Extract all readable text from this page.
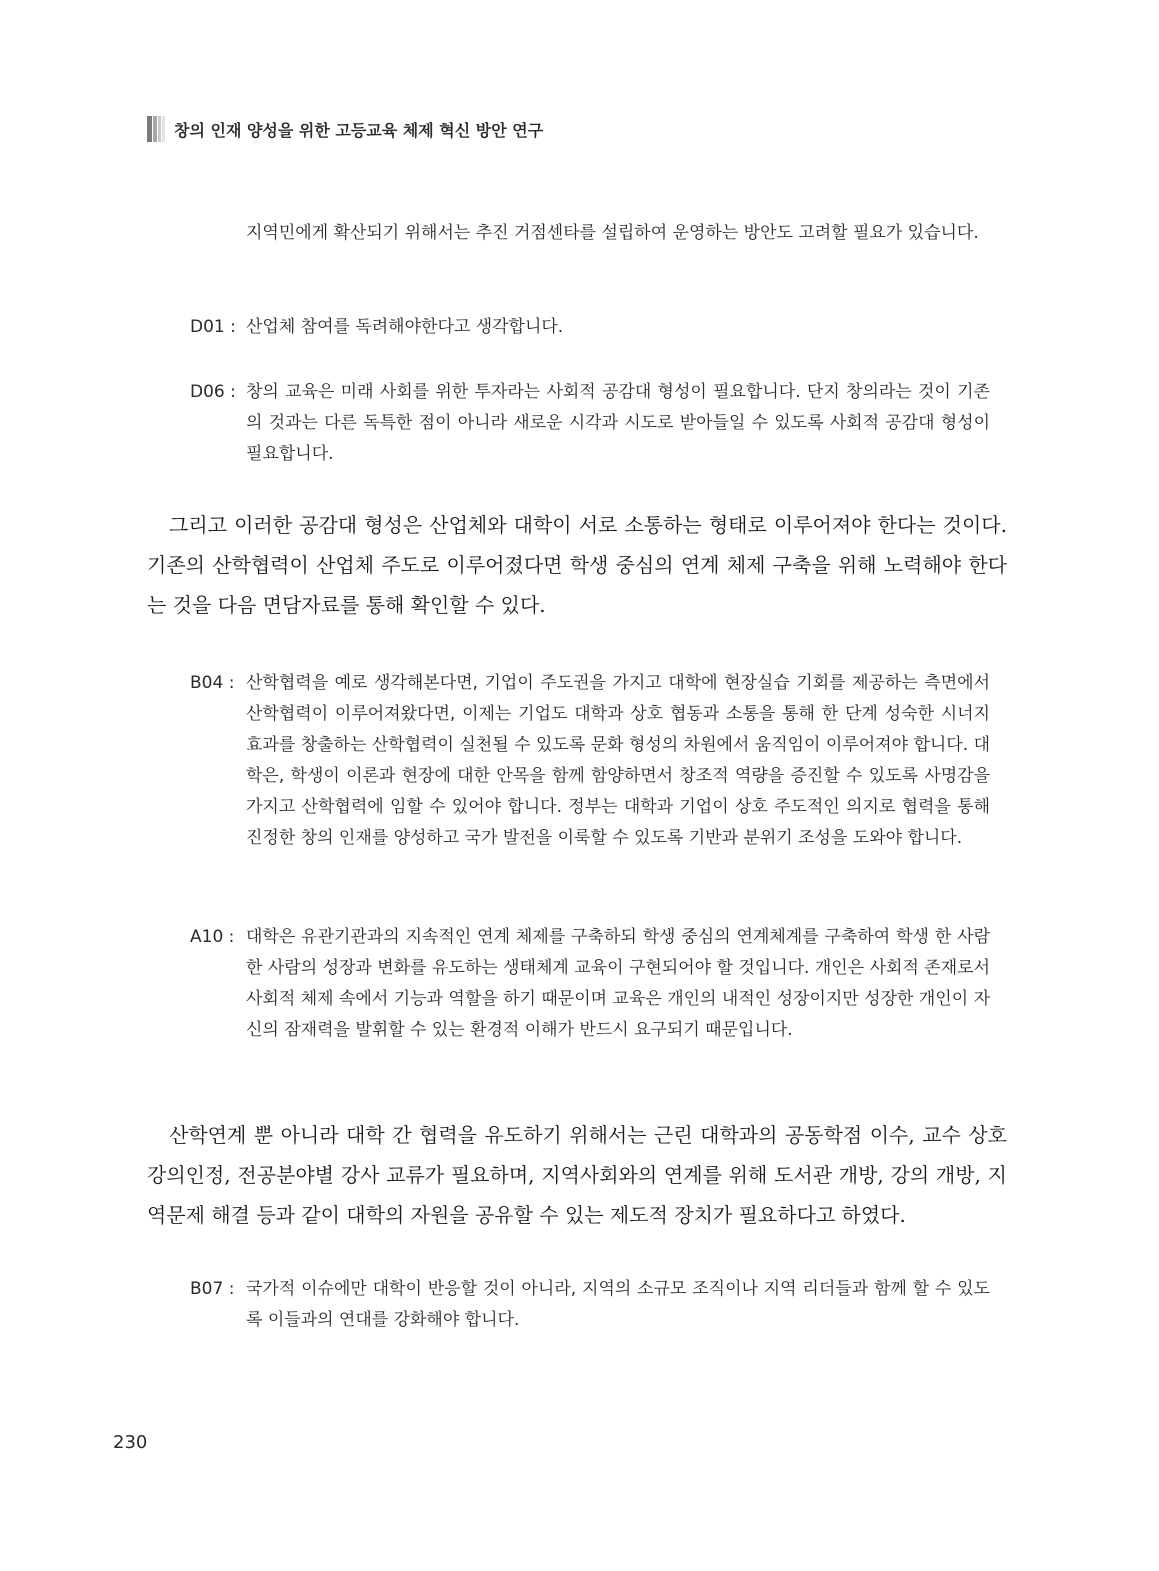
창의 인재 양성을 위한 고등교육 체제 혁신 방안 연구
지역민에게 확산되기 위해서는 추진 거점센타를 설립하여 운영하는 방안도 고려할 필요가 있습니다.
D01 : 산업체 참여를 독려해야한다고 생각합니다.
D06 : 창의 교육은 미래 사회를 위한 투자라는 사회적 공감대 형성이 필요합니다. 단지 창의라는 것이 기존의 것과는 다른 독특한 점이 아니라 새로운 시각과 시도로 받아들일 수 있도록 사회적 공감대 형성이 필요합니다.
그리고 이러한 공감대 형성은 산업체와 대학이 서로 소통하는 형태로 이루어져야 한다는 것이다. 기존의 산학협력이 산업체 주도로 이루어졌다면 학생 중심의 연계 체제 구축을 위해 노력해야 한다는 것을 다음 면담자료를 통해 확인할 수 있다.
B04 : 산학협력을 예로 생각해본다면, 기업이 주도권을 가지고 대학에 현장실습 기회를 제공하는 측면에서 산학협력이 이루어져왔다면, 이제는 기업도 대학과 상호 협동과 소통을 통해 한 단계 성숙한 시너지 효과를 창출하는 산학협력이 실천될 수 있도록 문화 형성의 차원에서 움직임이 이루어져야 합니다. 대학은, 학생이 이론과 현장에 대한 안목을 함께 함양하면서 창조적 역량을 증진할 수 있도록 사명감을 가지고 산학협력에 임할 수 있어야 합니다. 정부는 대학과 기업이 상호 주도적인 의지로 협력을 통해 진정한 창의 인재를 양성하고 국가 발전을 이룩할 수 있도록 기반과 분위기 조성을 도와야 합니다.
A10 : 대학은 유관기관과의 지속적인 연계 체제를 구축하되 학생 중심의 연계체계를 구축하여 학생 한 사람 한 사람의 성장과 변화를 유도하는 생태체계 교육이 구현되어야 할 것입니다. 개인은 사회적 존재로서 사회적 체제 속에서 기능과 역할을 하기 때문이며 교육은 개인의 내적인 성장이지만 성장한 개인이 자신의 잠재력을 발휘할 수 있는 환경적 이해가 반드시 요구되기 때문입니다.
산학연계 뿐 아니라 대학 간 협력을 유도하기 위해서는 근린 대학과의 공동학점 이수, 교수 상호 강의인정, 전공분야별 강사 교류가 필요하며, 지역사회와의 연계를 위해 도서관 개방, 강의 개방, 지역문제 해결 등과 같이 대학의 자원을 공유할 수 있는 제도적 장치가 필요하다고 하였다.
B07 : 국가적 이슈에만 대학이 반응할 것이 아니라, 지역의 소규모 조직이나 지역 리더들과 함께 할 수 있도록 이들과의 연대를 강화해야 합니다.
230
